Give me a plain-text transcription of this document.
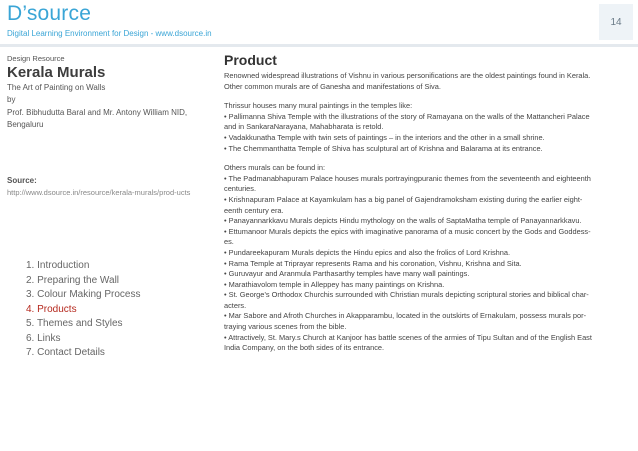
D’source
Digital Learning Environment for Design - www.dsource.in
14
Design Resource
Kerala Murals
The Art of Painting on Walls
by
Prof. Bibhudutta Baral and Mr. Antony William NID, Bengaluru
Source:
http://www.dsource.in/resource/kerala-murals/prod-ucts
1. Introduction
2. Preparing the Wall
3. Colour Making Process
4. Products
5. Themes and Styles
6. Links
7. Contact Details
Product

Renowned widespread illustrations of Vishnu in various personifications are the oldest paintings found in Kerala.

Other common murals are of Ganesha and manifestations of Siva.

Thrissur houses many mural paintings in the temples like:

• Pallimanna Shiva Temple with the illustrations of the story of Ramayana on the walls of the Mattancheri Palace

and in SankaraNarayana, Mahabharata is retold.

• Vadakkunatha Temple with twin sets of paintings – in the interiors and the other in a small shrine.

• The Chemmanthatta Temple of Shiva has sculptural art of Krishna and Balarama at its entrance.

Others murals can be found in:

• The Padmanabhapuram Palace houses murals portrayingpuranic themes from the seventeenth and eighteenth

centuries.

• Krishnapuram Palace at Kayamkulam has a big panel of Gajendramoksham existing during the earlier eight-

eenth century era.

• Panayannarkkavu Murals depicts Hindu mythology on the walls of SaptaMatha temple of Panayannarkkavu.

• Ettumanoor Murals depicts the epics with imaginative panorama of a music concert by the Gods and Goddess-

es.

• Pundareekapuram Murals depicts the Hindu epics and also the frolics of Lord Krishna.

• Rama Temple at Triprayar represents Rama and his coronation, Vishnu, Krishna and Sita.

• Guruvayur and Aranmula Parthasarthy temples have many wall paintings.

• Marathiavolom temple in Alleppey has many paintings on Krishna.

• St. George’s Orthodox Churchis surrounded with Christian murals depicting scriptural stories and biblical char-

acters.

• Mar Sabore and Afroth Churches in Akapparambu, located in the outskirts of Ernakulam, possess murals por-

traying various scenes from the bible.

• Attractively, St. Mary.s Church at Kanjoor has battle scenes of the armies of Tipu Sultan and of the English East

India Company, on the both sides of its entrance.
